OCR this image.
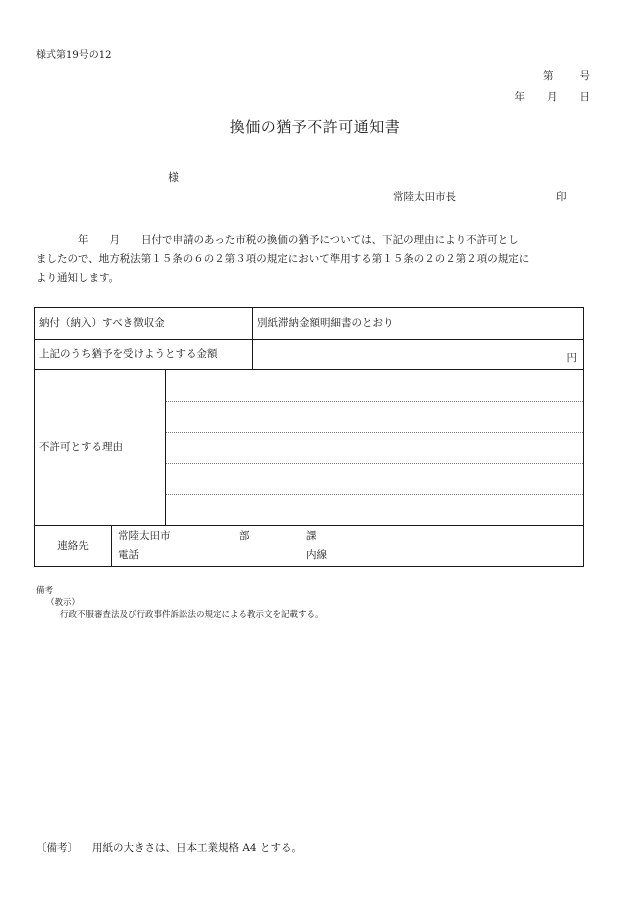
様式第19号の12
第 号
年 月 日
換価の猶予不許可通知書
様
常陸太田市長	印
　　　　年　　月　　日付で申請のあった市税の換価の猶予については、下記の理由により不許可とし
ましたので、地方税法第１５条の６の２第３項の規定において準用する第１５条の２の２第２項の規定に
より通知します。
納付（納入）すべき徴収金			別紙滞納金額明細書のとおり
上記のうち猶予を受けようとする金額			円

不許可とする理由			

連絡先	常陸太田市 部 課
電話 内線		
備考
（教示）
行政不服審査法及び行政事件訴訟法の規定による教示文を記載する。
〔備考〕 用紙の大きさは、日本工業規格 A4 とする。
